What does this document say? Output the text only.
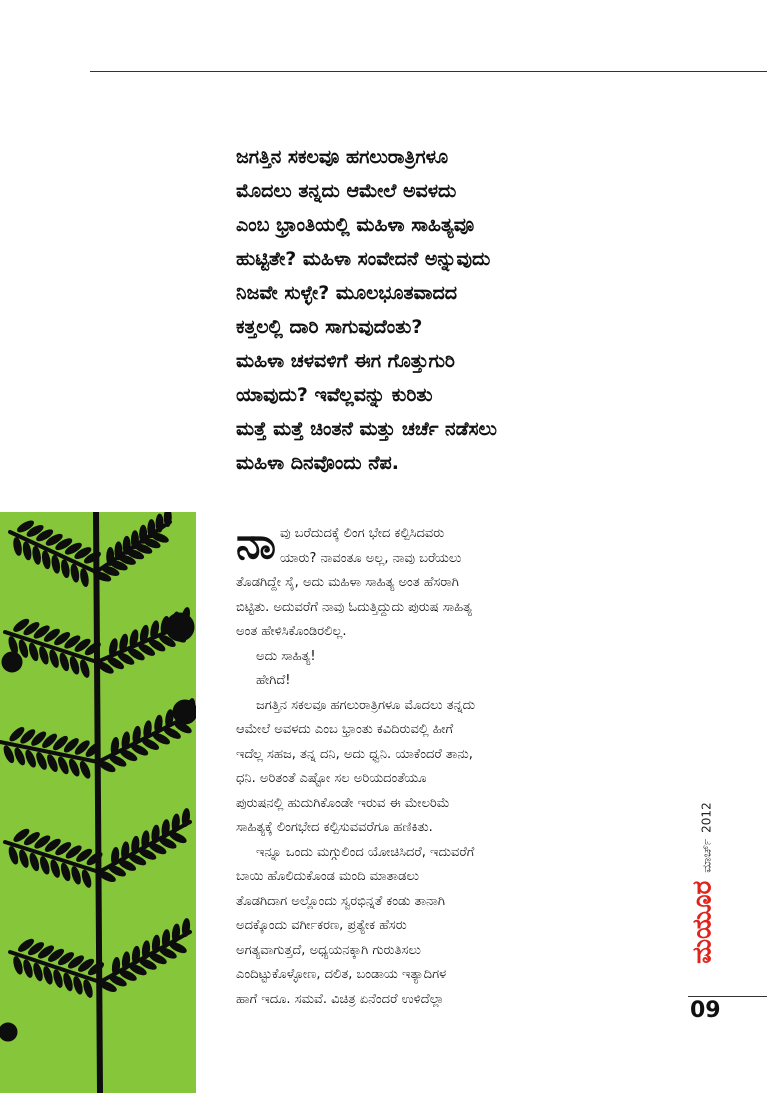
ಜಗತ್ತಿನ ಸಕಲವೂ ಹಗಲುರಾತ್ರಿಗಳೂ
ಮೊದಲು ತನ್ನದು ಆಮೇಲೆ ಅವಳದು
ಎಂಬ ಭ್ರಾಂತಿಯಲ್ಲಿ ಮಹಿಳಾ ಸಾಹಿತ್ಯವೂ
ಹುಟ್ಟಿತೇ? ಮಹಿಳಾ ಸಂವೇದನೆ ಅನ್ನುವುದು
ನಿಜವೇ ಸುಳ್ಳೇ? ಮೂಲಭೂತವಾದದ
ಕತ್ತಲಲ್ಲಿ ದಾರಿ ಸಾಗುವುದೆಂತು?
ಮಹಿಳಾ ಚಳವಳಿಗೆ ಈಗ ಗೊತ್ತುಗುರಿ
ಯಾವುದು? ಇವೆಲ್ಲವನ್ನು ಕುರಿತು
ಮತ್ತೆ ಮತ್ತೆ ಚಿಂತನೆ ಮತ್ತು ಚರ್ಚೆ ನಡೆಸಲು
ಮಹಿಳಾ ದಿನವೊಂದು ನೆಪ.
ನಾ ವು ಬರೆದುದಕ್ಕೆ ಲಿಂಗ ಭೇದ ಕಲ್ಪಿಸಿದವರು
ಯಾರು? ನಾವಂತೂ ಅಲ್ಲ, ನಾವು ಬರೆಯಲು
ತೊಡಗಿದ್ದೇ ಸೈ, ಅದು ಮಹಿಳಾ ಸಾಹಿತ್ಯ ಅಂತ ಹೆಸರಾಗಿ
ಬಿಟ್ಟಿತು. ಅದುವರೆಗೆ ನಾವು ಓದುತ್ತಿದ್ದುದು ಪುರುಷ ಸಾಹಿತ್ಯ
ಅಂತ ಹೇಳಿಸಿಕೊಂಡಿರಲಿಲ್ಲ.
ಅದು ಸಾಹಿತ್ಯ!
ಹೇಗಿದೆ!
ಜಗತ್ತಿನ ಸಕಲವೂ ಹಗಲುರಾತ್ರಿಗಳೂ ಮೊದಲು ತನ್ನದು
ಆಮೇಲೆ ಅವಳದು ಎಂಬ ಭ್ರಾಂತು ಕವಿದಿರುವಲ್ಲಿ ಹೀಗೆ
ಇದೆಲ್ಲ ಸಹಜ, ತನ್ನ ದನಿ, ಅದು ಧ್ವನಿ. ಯಾಕೆಂದರೆ ತಾನು,
ಧನಿ. ಅರಿತಂತೆ ಎಷ್ಟೋ ಸಲ ಅರಿಯದಂತೆಯೂ
ಪುರುಷನಲ್ಲಿ ಹುದುಗಿಕೊಂಡೇ ಇರುವ ಈ ಮೇಲರಿಮೆ
ಸಾಹಿತ್ಯಕ್ಕೆ ಲಿಂಗಭೇದ ಕಲ್ಪಿಸುವವರೆಗೂ ಹಣಿಕಿತು.
ಇನ್ನೂ ಒಂದು ಮಗ್ಗುಲಿಂದ ಯೋಚಿಸಿದರೆ, ಇದುವರೆಗೆ
ಬಾಯಿ ಹೊಲಿದುಕೊಂಡ ಮಂದಿ ಮಾತಾಡಲು
ತೊಡಗಿದಾಗ ಅಲ್ಲೊಂದು ಸ್ವರಭಿನ್ನತೆ ಕಂಡು ತಾನಾಗಿ
ಅದಕ್ಕೊಂದು ವರ್ಗೀಕರಣ, ಪ್ರತ್ಯೇಕ ಹೆಸರು
ಅಗತ್ಯವಾಗುತ್ತದೆ, ಅಧ್ಯಯನಕ್ಕಾಗಿ ಗುರುತಿಸಲು
ಎಂದಿಟ್ಟುಕೊಳ್ಳೋಣ, ದಲಿತ, ಬಂಡಾಯ ಇತ್ಯಾದಿಗಳ
ಹಾಗೆ ಇದೂ. ಸಮವೆ. ವಿಚಿತ್ರ ಏನೆಂದರೆ ಉಳಿದೆಲ್ಲಾ
ಮಯೂರಮಾರ್ಚ್2012
09
